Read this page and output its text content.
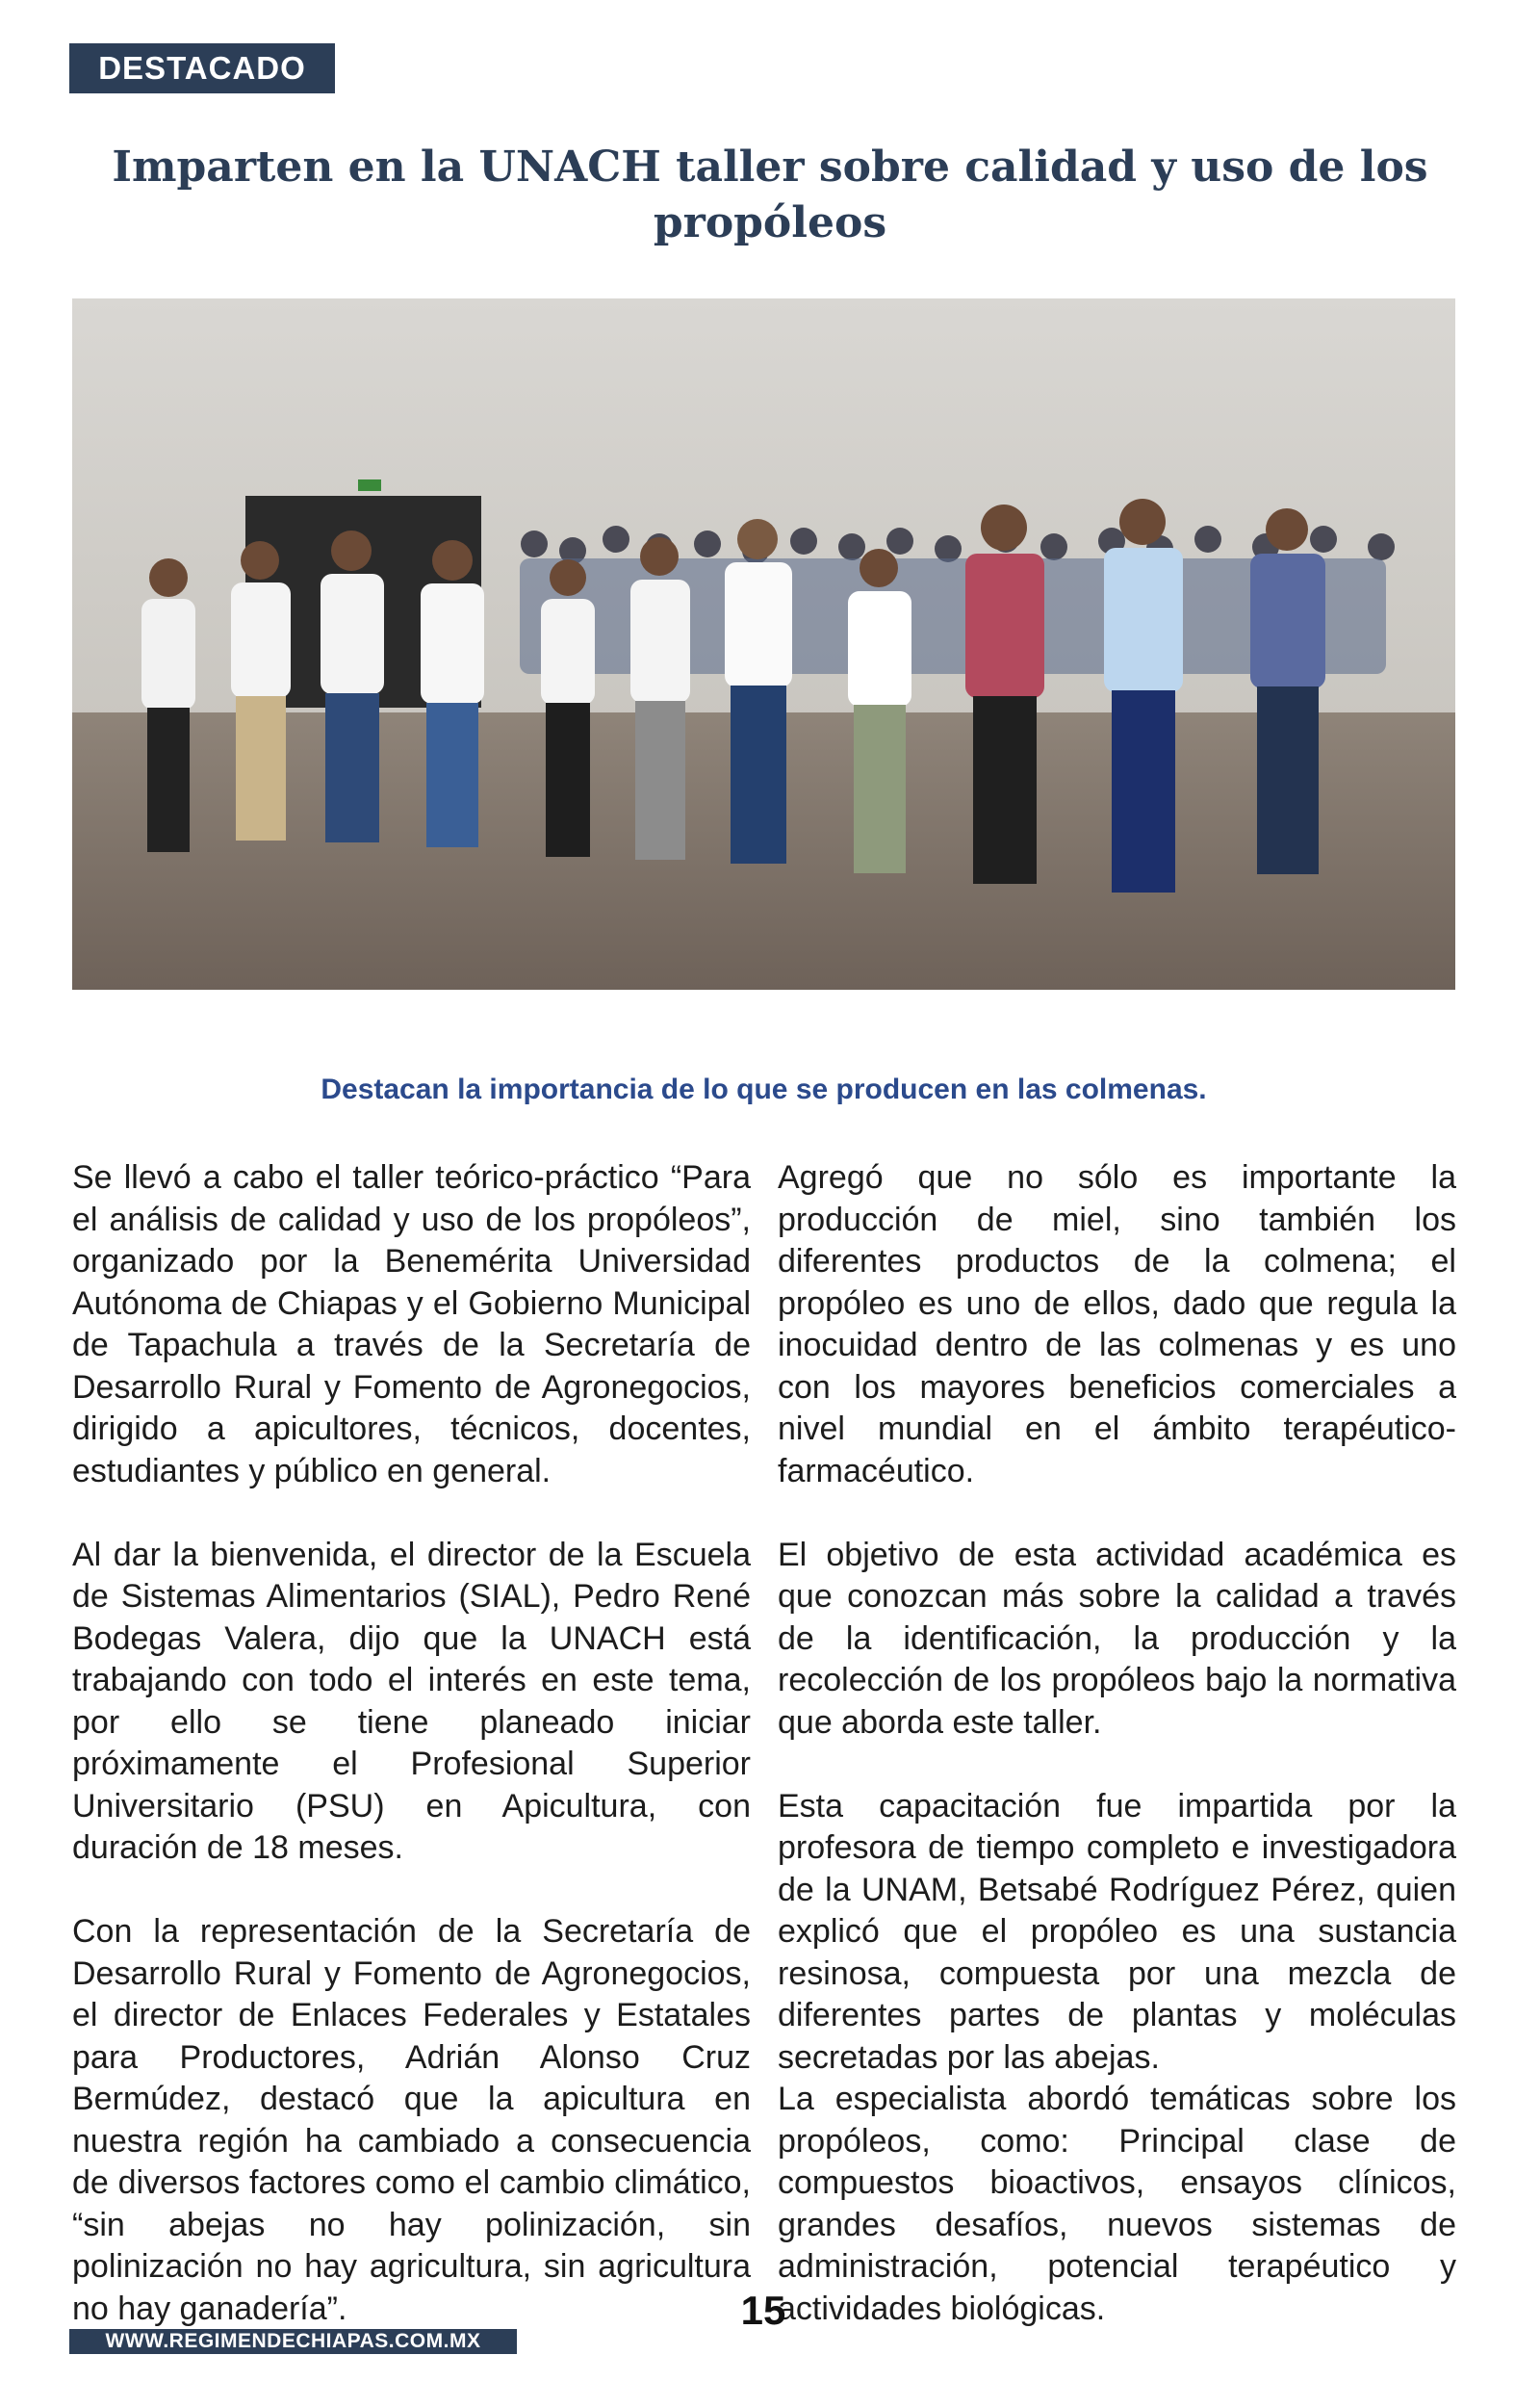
DESTACADO
Imparten en la UNACH taller sobre calidad y uso de los propóleos

Destacan la importancia de lo que se producen en las colmenas.

Se llevó a cabo el taller teórico-práctico “Para el análisis de calidad y uso de los propóleos”, organizado por la Benemérita Universidad Autónoma de Chiapas y el Gobierno Municipal de Tapachula a través de la Secretaría de Desarrollo Rural y Fomento de Agronegocios, dirigido a apicultores, técnicos, docentes, estudiantes y público en general.

Al dar la bienvenida, el director de la Escuela de Sistemas Alimentarios (SIAL), Pedro René Bodegas Valera, dijo que la UNACH está trabajando con todo el interés en este tema, por ello se tiene planeado iniciar próximamente el Profesional Superior Universitario (PSU) en Apicultura, con duración de 18 meses.

Con la representación de la Secretaría de Desarrollo Rural y Fomento de Agronegocios, el director de Enlaces Federales y Estatales para Productores, Adrián Alonso Cruz Bermúdez, destacó que la apicultura en nuestra región ha cambiado a consecuencia de diversos factores como el cambio climático, “sin abejas no hay polinización, sin polinización no hay agricultura, sin agricultura no hay ganadería”.

Agregó que no sólo es importante la producción de miel, sino también los diferentes productos de la colmena; el propóleo es uno de ellos, dado que regula la inocuidad dentro de las colmenas y es uno con los mayores beneficios comerciales a nivel mundial en el ámbito terapéutico-farmacéutico.

El objetivo de esta actividad académica es que conozcan más sobre la calidad a través de la identificación, la producción y la recolección de los propóleos bajo la normativa que aborda este taller.

Esta capacitación fue impartida por la profesora de tiempo completo e investigadora de la UNAM, Betsabé Rodríguez Pérez, quien explicó que el propóleo es una sustancia resinosa, compuesta por una mezcla de diferentes partes de plantas y moléculas secretadas por las abejas.

La especialista abordó temáticas sobre los propóleos, como: Principal clase de compuestos bioactivos, ensayos clínicos, grandes desafíos, nuevos sistemas de administración, potencial terapéutico y actividades biológicas.

15
WWW.REGIMENDECHIAPAS.COM.MX
